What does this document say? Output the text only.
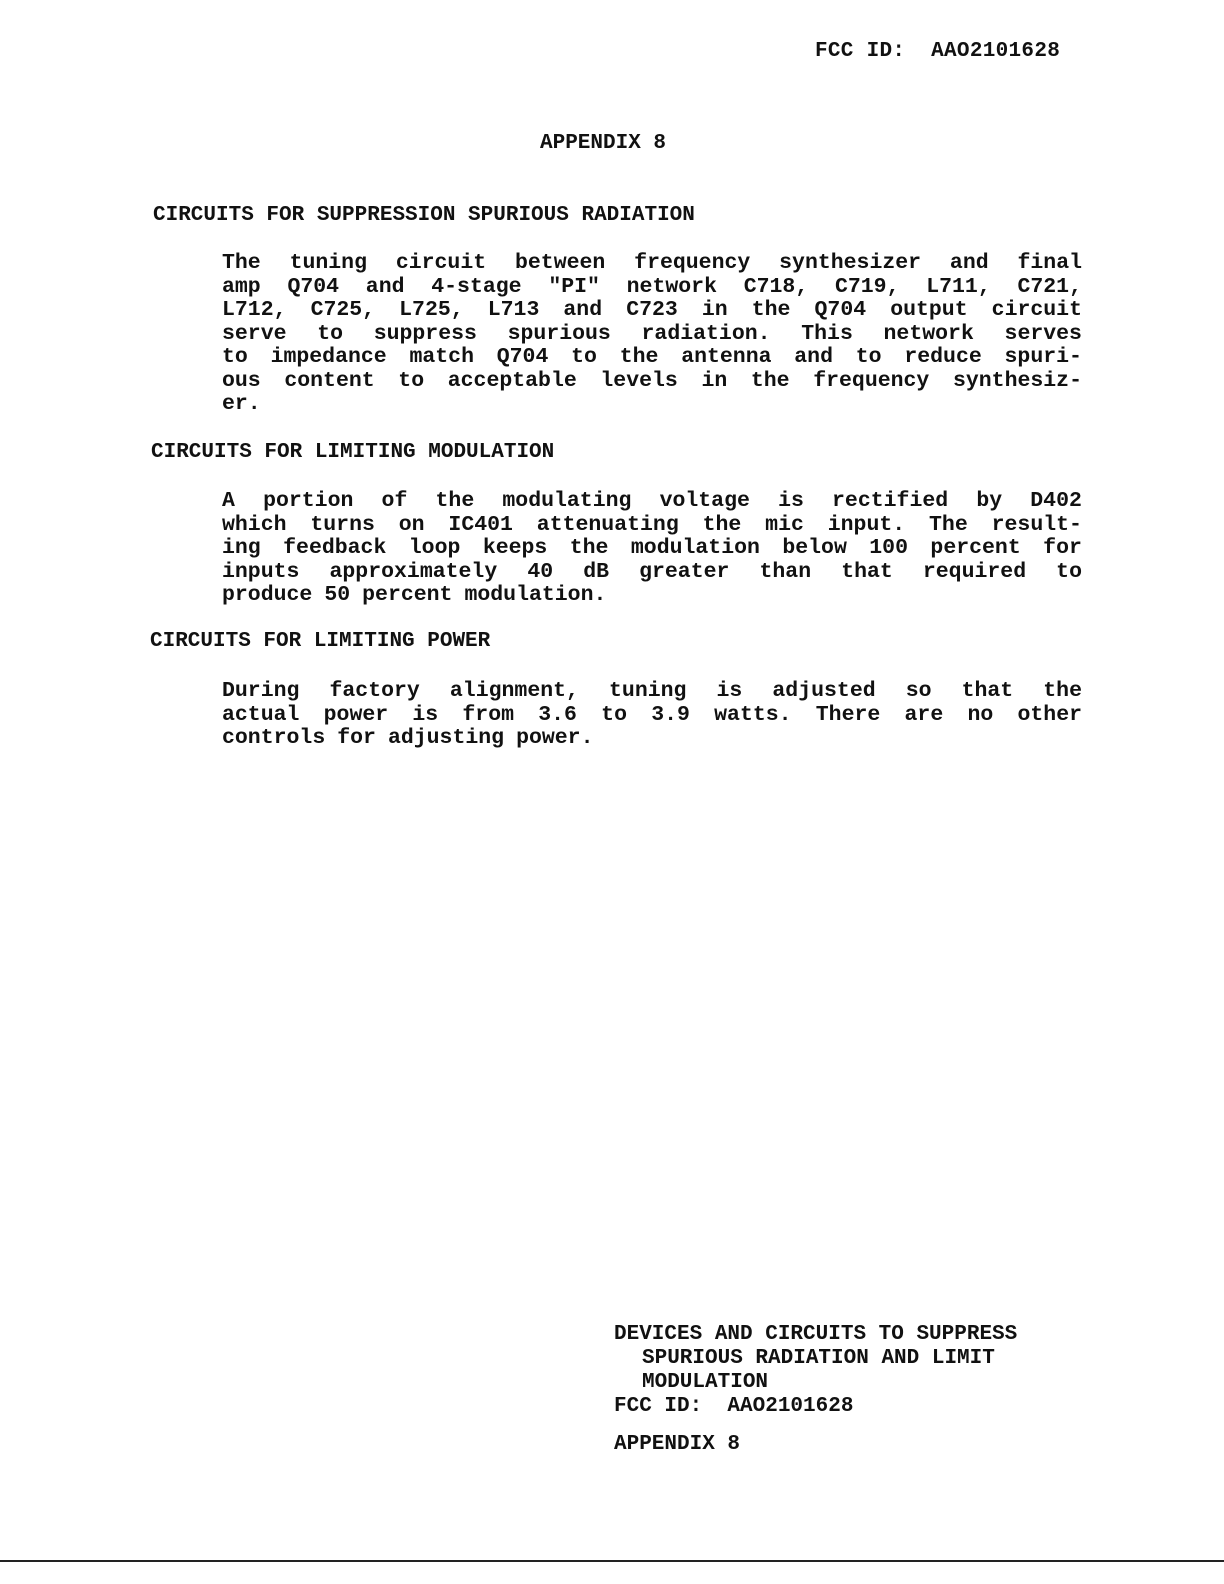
FCC ID:  AAO2101628
APPENDIX 8
CIRCUITS FOR SUPPRESSION SPURIOUS RADIATION
The tuning circuit between frequency synthesizer and final
amp Q704 and 4-stage "PI" network C718, C719, L711, C721,
L712, C725, L725, L713 and C723 in the Q704 output circuit
serve to suppress spurious radiation. This network serves
to impedance match Q704 to the antenna and to reduce spuri-
ous content to acceptable levels in the frequency synthesiz-
er.
CIRCUITS FOR LIMITING MODULATION
A portion of the modulating voltage is rectified by D402
which turns on IC401 attenuating the mic input. The result-
ing feedback loop keeps the modulation below 100 percent for
inputs approximately 40 dB greater than that required to
produce 50 percent modulation.
CIRCUITS FOR LIMITING POWER
During factory alignment, tuning is adjusted so that the
actual power is from 3.6 to 3.9 watts. There are no other
controls for adjusting power.
DEVICES AND CIRCUITS TO SUPPRESS
SPURIOUS RADIATION AND LIMIT
MODULATION
FCC ID:  AAO2101628
APPENDIX 8
